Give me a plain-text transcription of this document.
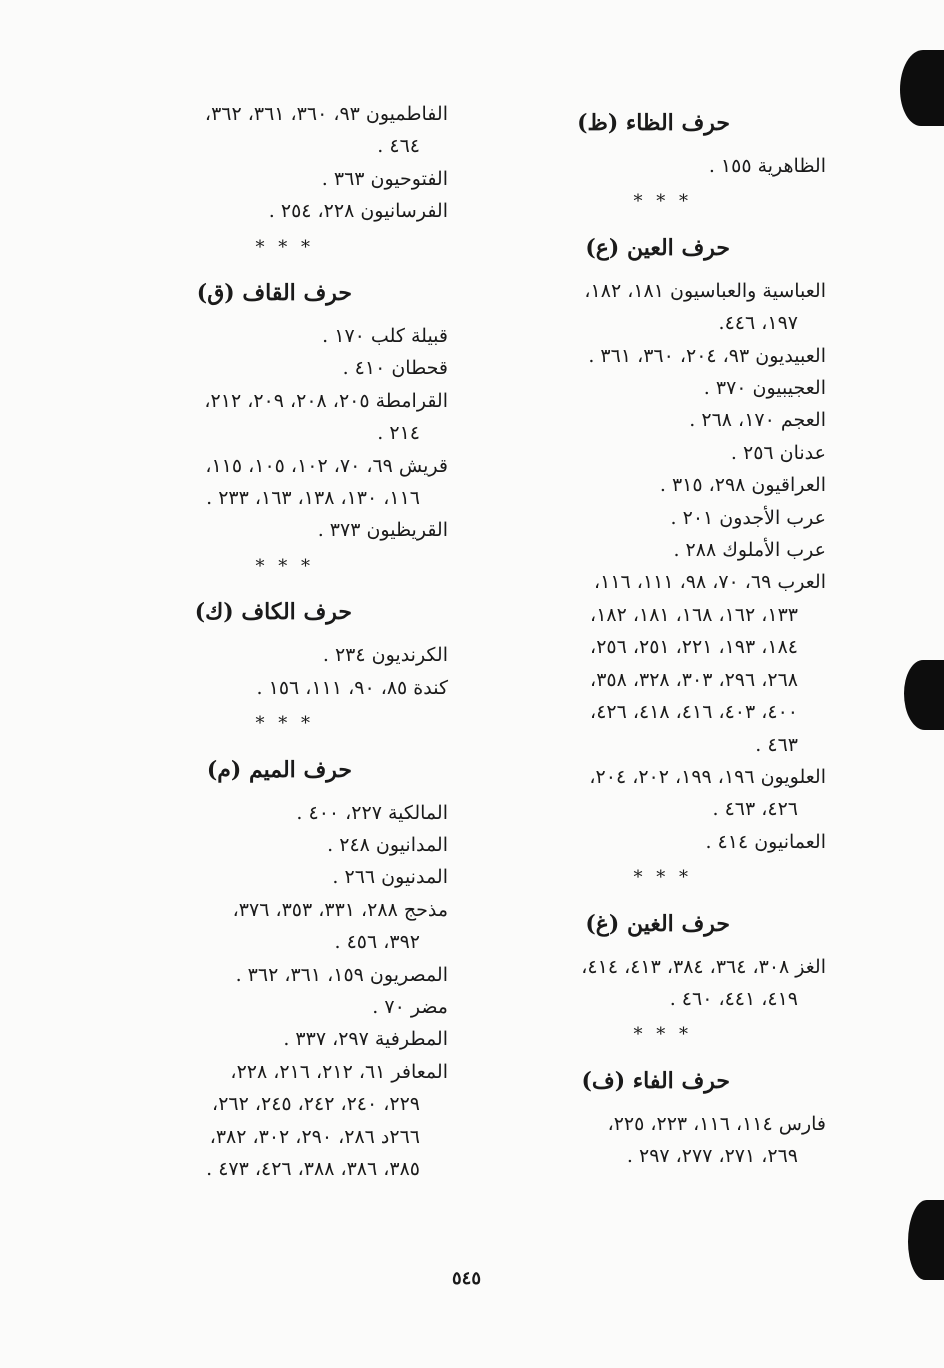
حرف الظاء (ظ)
الظاهرية ١٥٥ .
* * *
حرف العين (ع)
العباسية والعباسيون ١٨١، ١٨٢،
١٩٧، ٤٤٦.
العبيديون ٩٣، ٢٠٤، ٣٦٠، ٣٦١ .
العجيبيون ٣٧٠ .
العجم ١٧٠، ٢٦٨ .
عدنان ٢٥٦ .
العراقيون ٢٩٨، ٣١٥ .
عرب الأجدون ٢٠١ .
عرب الأملوك ٢٨٨ .
العرب ٦٩، ٧٠، ٩٨، ١١١، ١١٦،
١٣٣، ١٦٢، ١٦٨، ١٨١، ١٨٢،
١٨٤، ١٩٣، ٢٢١، ٢٥١، ٢٥٦،
٢٦٨، ٢٩٦، ٣٠٣، ٣٢٨، ٣٥٨،
٤٠٠، ٤٠٣، ٤١٦، ٤١٨، ٤٢٦،
٤٦٣ .
العلويون ١٩٦، ١٩٩، ٢٠٢، ٢٠٤،
٤٢٦، ٤٦٣ .
العمانيون ٤١٤ .
* * *
حرف الغين (غ)
الغز ٣٠٨، ٣٦٤، ٣٨٤، ٤١٣، ٤١٤،
٤١٩، ٤٤١، ٤٦٠ .
* * *
حرف الفاء (ف)
فارس ١١٤، ١١٦، ٢٢٣، ٢٢٥،
٢٦٩، ٢٧١، ٢٧٧، ٢٩٧ .
الفاطميون ٩٣، ٣٦٠، ٣٦١، ٣٦٢،
٤٦٤ .
الفتوحيون ٣٦٣ .
الفرسانيون ٢٢٨، ٢٥٤ .
* * *
حرف القاف (ق)
قبيلة كلب ١٧٠ .
قحطان ٤١٠ .
القرامطة ٢٠٥، ٢٠٨، ٢٠٩، ٢١٢،
٢١٤ .
قريش ٦٩، ٧٠، ١٠٢، ١٠٥، ١١٥،
١١٦، ١٣٠، ١٣٨، ١٦٣، ٢٣٣ .
القريظيون ٣٧٣ .
* * *
حرف الكاف (ك)
الكرنديون ٢٣٤ .
كندة ٨٥، ٩٠، ١١١، ١٥٦ .
* * *
حرف الميم (م)
المالكية ٢٢٧، ٤٠٠ .
المدانيون ٢٤٨ .
المدنيون ٢٦٦ .
مذحج ٢٨٨، ٣٣١، ٣٥٣، ٣٧٦،
٣٩٢، ٤٥٦ .
المصريون ١٥٩، ٣٦١، ٣٦٢ .
مضر ٧٠ .
المطرفية ٢٩٧، ٣٣٧ .
المعافر ٦١، ٢١٢، ٢١٦، ٢٢٨،
٢٢٩، ٢٤٠، ٢٤٢، ٢٤٥، ٢٦٢،
٢٦٦د ٢٨٦، ٢٩٠، ٣٠٢، ٣٨٢،
٣٨٥، ٣٨٦، ٣٨٨، ٤٢٦، ٤٧٣ .
٥٤٥
